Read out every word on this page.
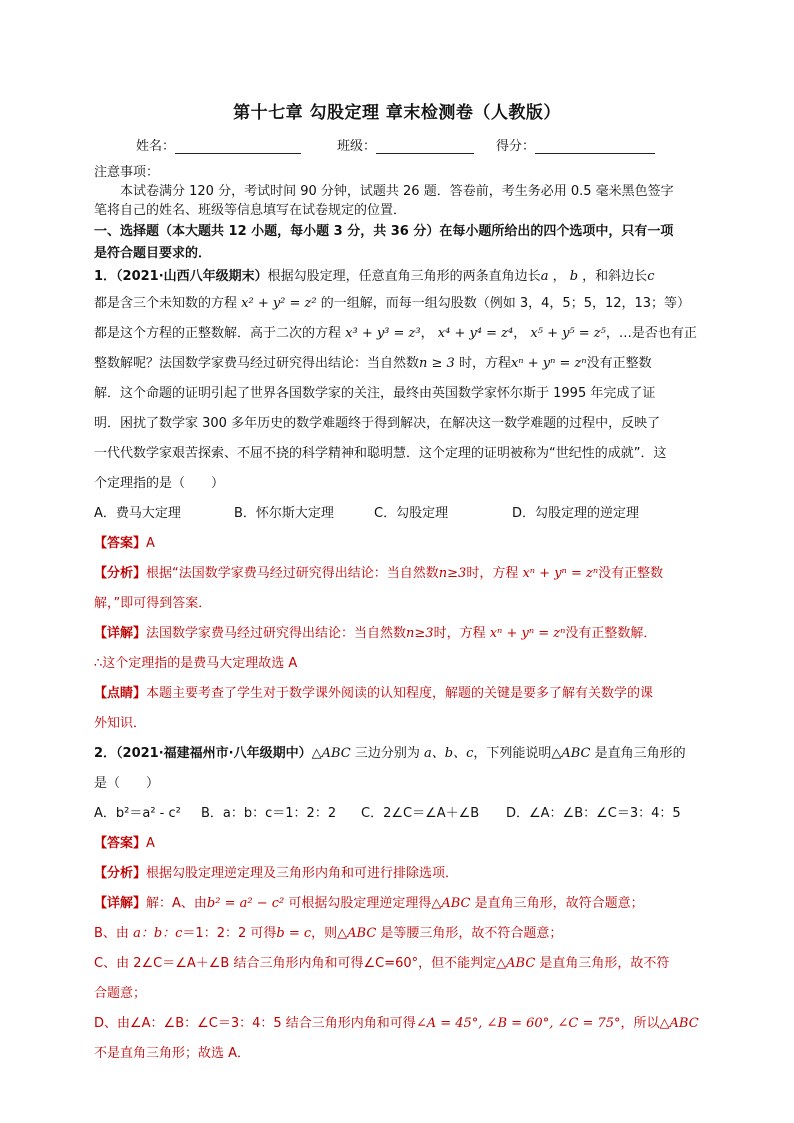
第十七章 勾股定理 章末检测卷（人教版）
姓名：	班级：	得分：
注意事项：
本试卷满分 120 分，考试时间 90 分钟，试题共 26 题．答卷前，考生务必用 0.5 毫米黑色签字
笔将自己的姓名、班级等信息填写在试卷规定的位置．
一、选择题（本大题共 12 小题，每小题 3 分，共 36 分）在每小题所给出的四个选项中，只有一项
是符合题目要求的．
1．（2021·山西八年级期末）根据勾股定理，任意直角三角形的两条直角边长a ， b ，和斜边长c
都是含三个未知数的方程 x² + y² = z² 的一组解，而每一组勾股数（例如 3，4，5；5，12，13；等）
都是这个方程的正整数解．高于二次的方程 x³ + y³ = z³， x⁴ + y⁴ = z⁴， x⁵ + y⁵ = z⁵，…是否也有正
整数解呢？法国数学家费马经过研究得出结论：当自然数n ≥ 3 时，方程xⁿ + yⁿ = zⁿ没有正整数
解．这个命题的证明引起了世界各国数学家的关注，最终由英国数学家怀尔斯于 1995 年完成了证
明．困扰了数学家 300 多年历史的数学难题终于得到解决，在解决这一数学难题的过程中，反映了
一代代数学家艰苦探索、不屈不挠的科学精神和聪明慧．这个定理的证明被称为“世纪性的成就”．这
个定理指的是（　　）
A．费马大定理	B．怀尔斯大定理	C．勾股定理	D．勾股定理的逆定理
【答案】A
【分析】根据“法国数学家费马经过研究得出结论：当自然数n≥3时，方程 xⁿ + yⁿ = zⁿ没有正整数
解，”即可得到答案．
【详解】法国数学家费马经过研究得出结论：当自然数n≥3时，方程 xⁿ + yⁿ = zⁿ没有正整数解．
∴这个定理指的是费马大定理故选 A
【点睛】本题主要考查了学生对于数学课外阅读的认知程度，解题的关键是要多了解有关数学的课
外知识．
2．（2021·福建福州市·八年级期中）△ABC 三边分别为 a、b、c，下列能说明△ABC 是直角三角形的
是（　　）
A．b²＝a² - c²	B．a：b：c＝1：2：2	C．2∠C＝∠A＋∠B	D．∠A：∠B：∠C＝3：4：5
【答案】A
【分析】根据勾股定理逆定理及三角形内角和可进行排除选项．
【详解】解：A、由b² = a² − c² 可根据勾股定理逆定理得△ABC 是直角三角形，故符合题意；
B、由 a：b：c＝1：2：2 可得b = c，则△ABC 是等腰三角形，故不符合题意；
C、由 2∠C＝∠A＋∠B 结合三角形内角和可得∠C=60°，但不能判定△ABC 是直角三角形，故不符
合题意；
D、由∠A：∠B：∠C＝3：4：5 结合三角形内角和可得∠A = 45°, ∠B = 60°, ∠C = 75°，所以△ABC
不是直角三角形；故选 A．
